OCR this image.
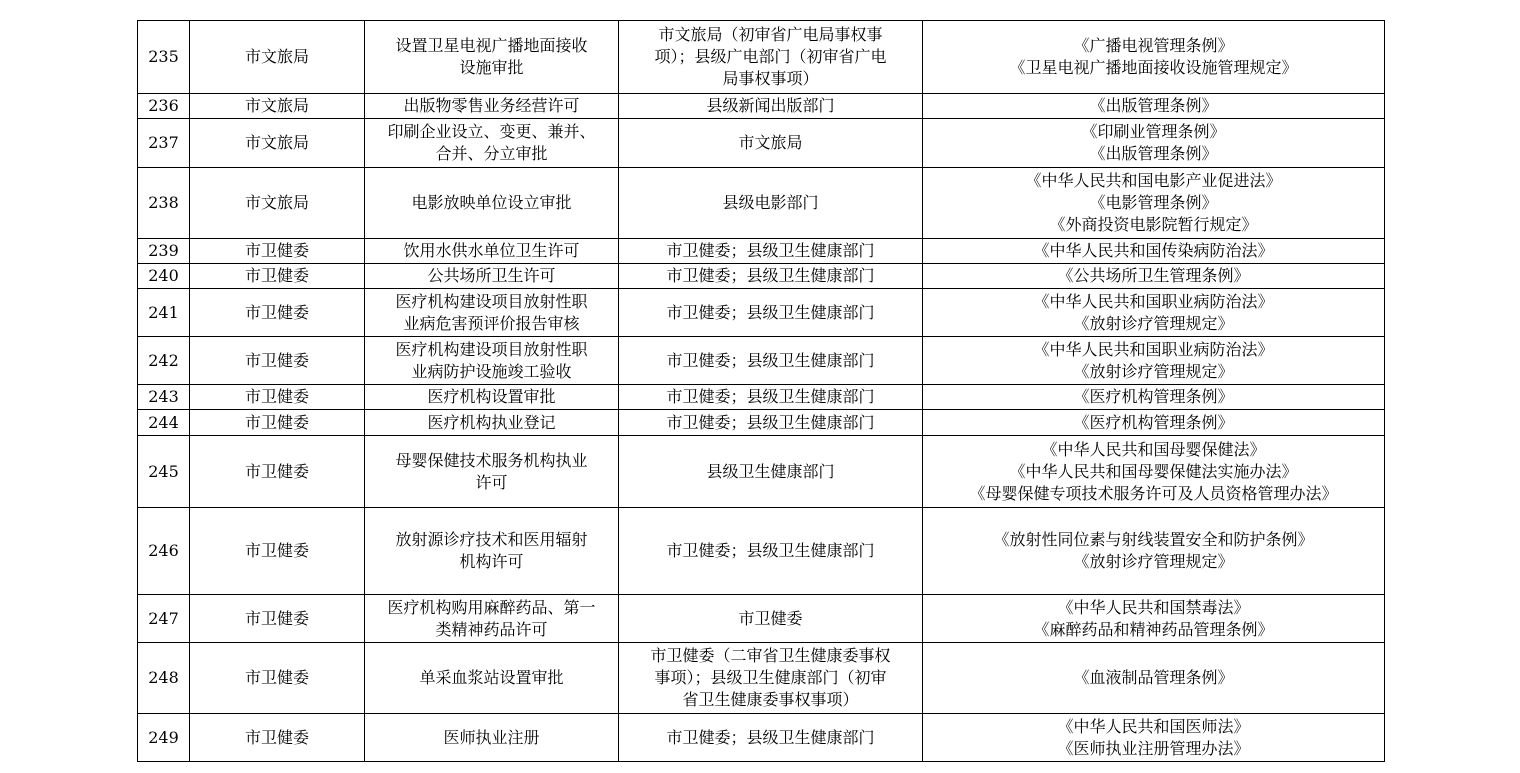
235	市文旅局	设置卫星电视广播地面接收
设施审批	市文旅局（初审省广电局事权事
项）；县级广电部门（初审省广电
局事权事项）	《广播电视管理条例》
《卫星电视广播地面接收设施管理规定》

236	市文旅局	出版物零售业务经营许可	县级新闻出版部门	《出版管理条例》

237	市文旅局	印刷企业设立、变更、兼并、
合并、分立审批	市文旅局	《印刷业管理条例》
《出版管理条例》

238	市文旅局	电影放映单位设立审批	县级电影部门	《中华人民共和国电影产业促进法》
《电影管理条例》
《外商投资电影院暂行规定》

239	市卫健委	饮用水供水单位卫生许可	市卫健委；县级卫生健康部门	《中华人民共和国传染病防治法》

240	市卫健委	公共场所卫生许可	市卫健委；县级卫生健康部门	《公共场所卫生管理条例》

241	市卫健委	医疗机构建设项目放射性职
业病危害预评价报告审核	市卫健委；县级卫生健康部门	《中华人民共和国职业病防治法》
《放射诊疗管理规定》

242	市卫健委	医疗机构建设项目放射性职
业病防护设施竣工验收	市卫健委；县级卫生健康部门	《中华人民共和国职业病防治法》
《放射诊疗管理规定》

243	市卫健委	医疗机构设置审批	市卫健委；县级卫生健康部门	《医疗机构管理条例》

244	市卫健委	医疗机构执业登记	市卫健委；县级卫生健康部门	《医疗机构管理条例》

245	市卫健委	母婴保健技术服务机构执业
许可	县级卫生健康部门	《中华人民共和国母婴保健法》
《中华人民共和国母婴保健法实施办法》
《母婴保健专项技术服务许可及人员资格管理办法》

246	市卫健委	放射源诊疗技术和医用辐射
机构许可	市卫健委；县级卫生健康部门	《放射性同位素与射线装置安全和防护条例》
《放射诊疗管理规定》

247	市卫健委	医疗机构购用麻醉药品、第一
类精神药品许可	市卫健委	《中华人民共和国禁毒法》
《麻醉药品和精神药品管理条例》

248	市卫健委	单采血浆站设置审批	市卫健委（二审省卫生健康委事权
事项）；县级卫生健康部门（初审
省卫生健康委事权事项）	《血液制品管理条例》

249	市卫健委	医师执业注册	市卫健委；县级卫生健康部门	《中华人民共和国医师法》
《医师执业注册管理办法》
